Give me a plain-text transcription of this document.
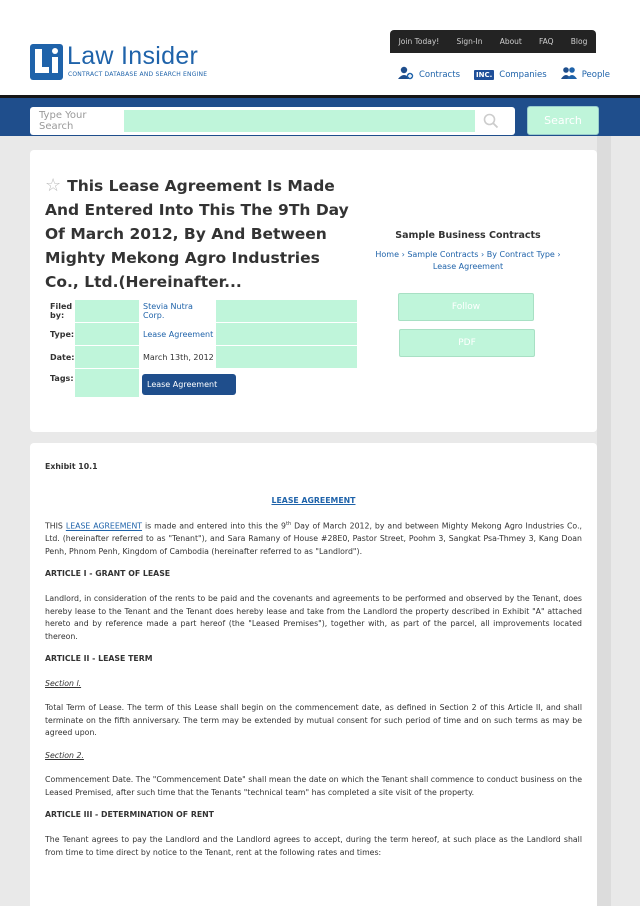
Join Today! Sign-In About FAQ Blog
Law Insider
CONTRACT DATABASE AND SEARCH ENGINE	Contracts INC. Companies	People
Type Your Search	Search
☆ This Lease Agreement Is Made And Entered Into This The 9Th Day Of March 2012, By And Between Mighty Mekong Agro Industries Co., Ltd.(Hereinafter...
Filed by:
Stevia Nutra Corp.
Type:	Lease Agreement
Date:	March 13th, 2012
Tags:
Lease Agreement
Sample Business Contracts
Home › Sample Contracts › By Contract Type ›
Lease Agreement
Follow
PDF
Exhibit 10.1
LEASE AGREEMENT
THIS LEASE AGREEMENT is made and entered into this the 9th Day of March 2012, by and between Mighty Mekong Agro Industries Co., Ltd. (hereinafter referred to as "Tenant"), and Sara Ramany of House #28E0, Pastor Street, Poohm 3, Sangkat Psa-Thmey 3, Kang Doan Penh, Phnom Penh, Kingdom of Cambodia (hereinafter referred to as "Landlord").
ARTICLE I - GRANT OF LEASE
Landlord, in consideration of the rents to be paid and the covenants and agreements to be performed and observed by the Tenant, does hereby lease to the Tenant and the Tenant does hereby lease and take from the Landlord the property described in Exhibit "A" attached hereto and by reference made a part hereof (the "Leased Premises"), together with, as part of the parcel, all improvements located thereon.
ARTICLE II - LEASE TERM
Section l.
Total Term of Lease. The term of this Lease shall begin on the commencement date, as defined in Section 2 of this Article II, and shall terminate on the fifth anniversary. The term may be extended by mutual consent for such period of time and on such terms as may be agreed upon.
Section 2.
Commencement Date. The "Commencement Date" shall mean the date on which the Tenant shall commence to conduct business on the Leased Premised, after such time that the Tenants "technical team" has completed a site visit of the property.
ARTICLE III - DETERMINATION OF RENT
The Tenant agrees to pay the Landlord and the Landlord agrees to accept, during the term hereof, at such place as the Landlord shall from time to time direct by notice to the Tenant, rent at the following rates and times:
